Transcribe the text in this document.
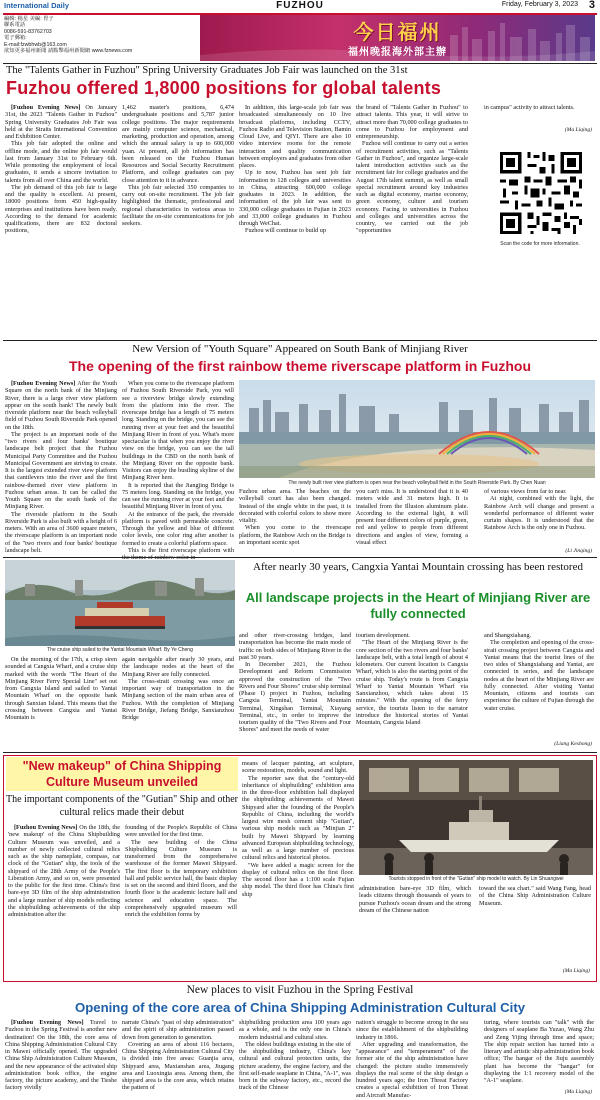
International Daily	FUZHOU	Friday, February 3, 2023 3
編輯: 楊星 美編: 胃子
聯系電話
0086-591-83762703
電子郵箱:
E-mail:fzwbhwb@163.com
欲知更多福州新聞 請點擊福州新聞網 www.fznews.com
今日福州
福州晚报海外部主辦
The "Talents Gather in Fuzhou" Spring University Graduates Job Fair was launched on the 31st
Fuzhou offered 1,8000 positions for global talents

[Fuzhou Evening News] On January 31st, the 2023 "Talents Gather in Fuzhou" Spring University Graduates Job Fair was held at the Straits International Convention and Exhibition Center.

This job fair adopted the online and offline mode, and the online job fair would last from January 31st to February 6th. While promoting the employment of local graduates, it sends a sincere invitation to talents from all over China and the world.

The job demand of this job fair is large and the quality is excellent. At present, 18000 positions from 450 high-quality enterprises and institutions have been ready. According to the demand for academic qualifications, there are 832 doctoral positions,

1,462 master's positions, 6,474 undergraduate positions and 5,787 junior college positions. The major requirements are mainly computer science, mechanical, marketing, production and operation, among which the annual salary is up to 600,000 yuan. At present, all job information has been released on the Fuzhou Human Resources and Social Security Recruitment Platform, and college graduates can pay close attention to it in advance.

This job fair selected 350 companies to carry out on-site recruitment. The job fair highlighted the thematic, professional and regional characteristics in various areas to facilitate the on-site communications for job seekers.

In addition, this large-scale job fair was broadcasted simultaneously on 10 live broadcast platforms, including CCTV, Fuzhou Radio and Television Station, Bamin Cloud Live, and QIYI. There are also 10 video interview rooms for the remote interaction and quality communication between employers and graduates from other places.

Up to now, Fuzhou has sent job fair information to 128 colleges and universities in China, attracting 600,000 college graduates in 2023. In addition, the information of the job fair was sent to 330,000 college graduates in Fujian in 2023 and 33,000 college graduates in Fuzhou through WeChat.

Fuzhou will continue to build up

the brand of "Talents Gather in Fuzhou" to attract talents. This year, it will strive to attract more than 70,000 college graduates to come to Fuzhou for employment and entrepreneurship.

Fuzhou will continue to carry out a series of recruitment activities, such as "Talents Gather in Fuzhou", and organize large-scale talent introduction activities such as the recruitment fair for college graduates and the August 17th talent summit, as well as small special recruitment around key industries such as digital economy, marine economy, green economy, culture and tourism economy. Facing to universities in Fuzhou and colleges and universities across the country, we carried out the job "opportunities

in campus" activity to attract talents.

(Ma Liqing)
Scan the code for more information.
New Version of "Youth Square" Appeared on South Bank of Minjiang River
The opening of the first rainbow theme riverscape platform in Fuzhou

[Fuzhou Evening News] After the Youth Square on the north bank of the Minjiang River, there is a large river view platform appear on the south bank! The newly built riverside platform near the beach volleyball field of Fuzhou South Riverside Park opened on the 18th.

The project is an important node of the "two rivers and four banks' boutique landscape belt project that the Fuzhou Municipal Party Committee and the Fuzhou Municipal Government are striving to create. It is the largest extended river view platform that cantilevers into the river and the first rainbow-themed river view platform in Fuzhou urban areas. It can be called the Youth Square on the south bank of the Minjiang River.

The riverside platform in the South Riverside Park is also built with a height of 6 meters. With an area of 3600 square meters, the riverscape platform is an important node of the "two rivers and four banks' boutique landscape belt.

When you come to the riverscape platform of Fuzhou South Riverside Park, you will see a riverview bridge slowly extending from the platform into the river. The riverscape bridge has a length of 75 meters long. Standing on the bridge, you can see the running river at your feet and the beautiful Minjiang River in front of you. What's more spectacular is that when you enjoy the river view on the bridge, you can see the tall buildings in the CBD on the north bank of the Minjiang River on the opposite bank. Visitors can enjoy the bustling skyline of the Minjiang River here.

It is reported that the Jiangjing Bridge is 75 meters long. Standing on the bridge, you can see the running river at your feet and the beautiful Minjiang River in front of you.

At the entrance of the park, the riverside platform is paved with permeable concrete. Through the yellow and blue of different color levels, one color ring after another is formed to create a colorful platform space.

This is the first riverscape platform with

The newly built river view platform is open near the beach volleyball field in the South Riverside Park. By Chen Nuan

Fuzhou urban area. The beaches on the volleyball court has also been changed. Instead of the single white in the past, it is decorated with colorful colors to show more vitality.

When you come to the riverscape platform, the Rainbow Arch on the Bridge is an important scenic spot

you can't miss. It is understood that it is 40 meters wide and 31 meters high. It is installed from the Illusion aluminum plate. According to the external light, it will present four different colors of purple, green, red and yellow to people from different directions and angles of view, forming a visual effect

of various views from far to near.

At night, combined with the light, the Rainbow Arch will change and present a wonderful performance of different water curtain shapes. It is understood that the Rainbow Arch is the only one in Fuzhou.

(Li Jinqing)
The cruise ship sailed to the Yantai Mountain Wharf. By Ye Cheng
After nearly 30 years, Cangxia Yantai Mountain crossing has been restored
All landscape projects in the Heart of Minjiang River are fully connected

On the morning of the 17th, a crisp siren sounded at Cangxia Wharf, and a cruise ship marked with the words "The Heart of the Minjiang River Ferry Special Line" set out from Cangxia Island and sailed to Yantai Mountain Wharf on the opposite bank through Sanxian Island. This means that the crossing between Cangxia and Yantai Mountain is

again navigable after nearly 30 years, and the landscape nodes at the heart of the Minjiang River are fully connected.

The cross-strait crossing was once an important way of transportation in the Minjiang section of the main urban area of Fuzhou. With the completion of Minjiang River Bridge, Jiefang Bridge, Sanxianzhou Bridge

and other river-crossing bridges, land transportation has become the main mode of traffic on both sides of Minjiang River in the past 30 years.

In December 2021, the Fuzhou Development and Reform Commission approved the construction of the "Two Rivers and Four Shores" cruise ship terminal (Phase I) project in Fuzhou, including Cangxia Terminal, Yantai Mountain Terminal, Xingshan Terminal, Xiayang Terminal, etc., in order to improve the tourism quality of the "Two Rivers and Four Shores" and meet the needs of water

tourism development.

"The Heart of the Minjiang River is the core section of the two rivers and four banks' landscape belt, with a total length of about 4 kilometers. Our current location is Cangxia Wharf, which is also the starting point of the cruise ship. Today's route is from Cangxia Wharf to Yantai Mountain Wharf via Sanxianzhou, which takes about 15 minutes." With the opening of the ferry service, the tourists listen to the narrator introduce the historical stories of Yantai Mountain, Cangxia Island

and Shangxiahang.

The completion and opening of the cross-strait crossing project between Cangxia and Yantai means that the tourist lines of the two sides of Shangxiahang and Yantai, are connected in series, and the landscape nodes at the heart of the Minjiang River are fully connected. After visiting Yantai Mountain, citizens and tourists can experience the culture of Fujian through the water cruise.

(Liang Keshong)
"New makeup" of China Shipping Culture Museum unveiled
The important components of the "Gutian" Ship and other cultural relics made their debut

[Fuzhou Evening News] On the 18th, the 'new makeup' of the China Shipbuilding Culture Museum was unveiled, and a number of newly collected cultural relics such as the ship nameplate, compass, car clock of the "Gutian" ship, the tools of the shipyard of the 28th Army of the People's Liberation Army, and so on, were presented to the public for the first time. China's first bare-eye 3D film of the ship administration and a large number of ship models reflecting the shipbuilding achievements of the ship administration after the

founding of the People's Republic of China were unveiled for the first time.

The new building of the China Shipbuilding Culture Museum is transformed from the comprehensive warehouse of the former Mawei Shipyard. The first floor is the temporary exhibition hall and public service hall, the basic display is set on the second and third floors, and the fourth floor is the academic lecture hall and science and education space. The comprehensively upgraded museum will enrich the exhibition forms by

means of lacquer painting, art sculpture, scene restoration, models, sound and light.

The reporter saw that the "century-old inheritance of shipbuilding" exhibition area in the three-floor exhibition hall displayed the shipbuilding achievements of Mawei Shipyard after the founding of the People's Republic of China, including the world's largest wire mesh cement ship "Gutian", various ship models such as "Minjian 2" built by Mawei Shipyard by learning advanced European shipbuilding technology, as well as a large number of precious cultural relics and historical photos.

"We have added a magic screen for the display of cultural relics on the first floor. The second floor has a 1:100 scale Fujian ship model. The third floor has China's first ship

Tourists stopped in front of the "Gutian" ship model to watch. By Lin Shuangwei

administration bare-eye 3D film, which leads citizens through thousands of years to pursue Fuzhou's ocean dream and the strong dream of the Chinese nation

toward the sea chart." said Wang Fang, head of the China Ship Administration Culture Museum.

(Ma Liqing)
New places to visit Fuzhou in the Spring Festival
Opening of the core area of China Shipping Administration Cultural City

[Fuzhou Evening News] Travel to Fuzhou in the Spring Festival is another new destination! On the 18th, the core area of China Shipping Administration Cultural City in Mawei officially opened. The upgraded China Ship Administration Culture Museum, and the new appearance of the activated ship administration book office, the engine factory, the picture academy, and the Tieshe factory vividly

narrate China's "past of ship administration" and the spirit of ship administration passed down from generation to generation.

Covering an area of about 116 hectares, China Shipping Administration Cultural City is divided into five areas: Guanjia area, Shipyard area, Maxianshan area, Jiugang area and Luoxingta area. Among them, the shipyard area is the core area, which retains the pattern of

shipbuilding production area 100 years ago as a whole, and is the only one in China's modern industrial and cultural sites.

The oldest buildings existing in the site of the shipbuilding industry, China's key cultural and cultural protection units, the picture academy, the engine factory, and the first self-made seaplane in China, "A-1", was born in the subway factory, etc., record the track of the Chinese

nation's struggle to become strong in the sea since the establishment of the shipbuilding industry in 1866.

After upgrading and transformation, the "appearance" and "temperament" of the former site of the ship administration have changed: the picture studio immensively displays the real scene of the ship design a hundred years ago; the Iron Threat Factory creates a special exhibition of Iron Threat and Aircraft Manufac-

turing, where tourists can "talk" with the designers of seaplane Ba Yuzao, Wang Zhu and Zeng Yijing through time and space; The ship repair section has turned into a literary and artistic ship administration book office; The hangar of the Jiuju assembly plant has become the "hangar" for displaying the 1:1 recovery model of the "A-1" seaplane.

(Ma Liqing)
